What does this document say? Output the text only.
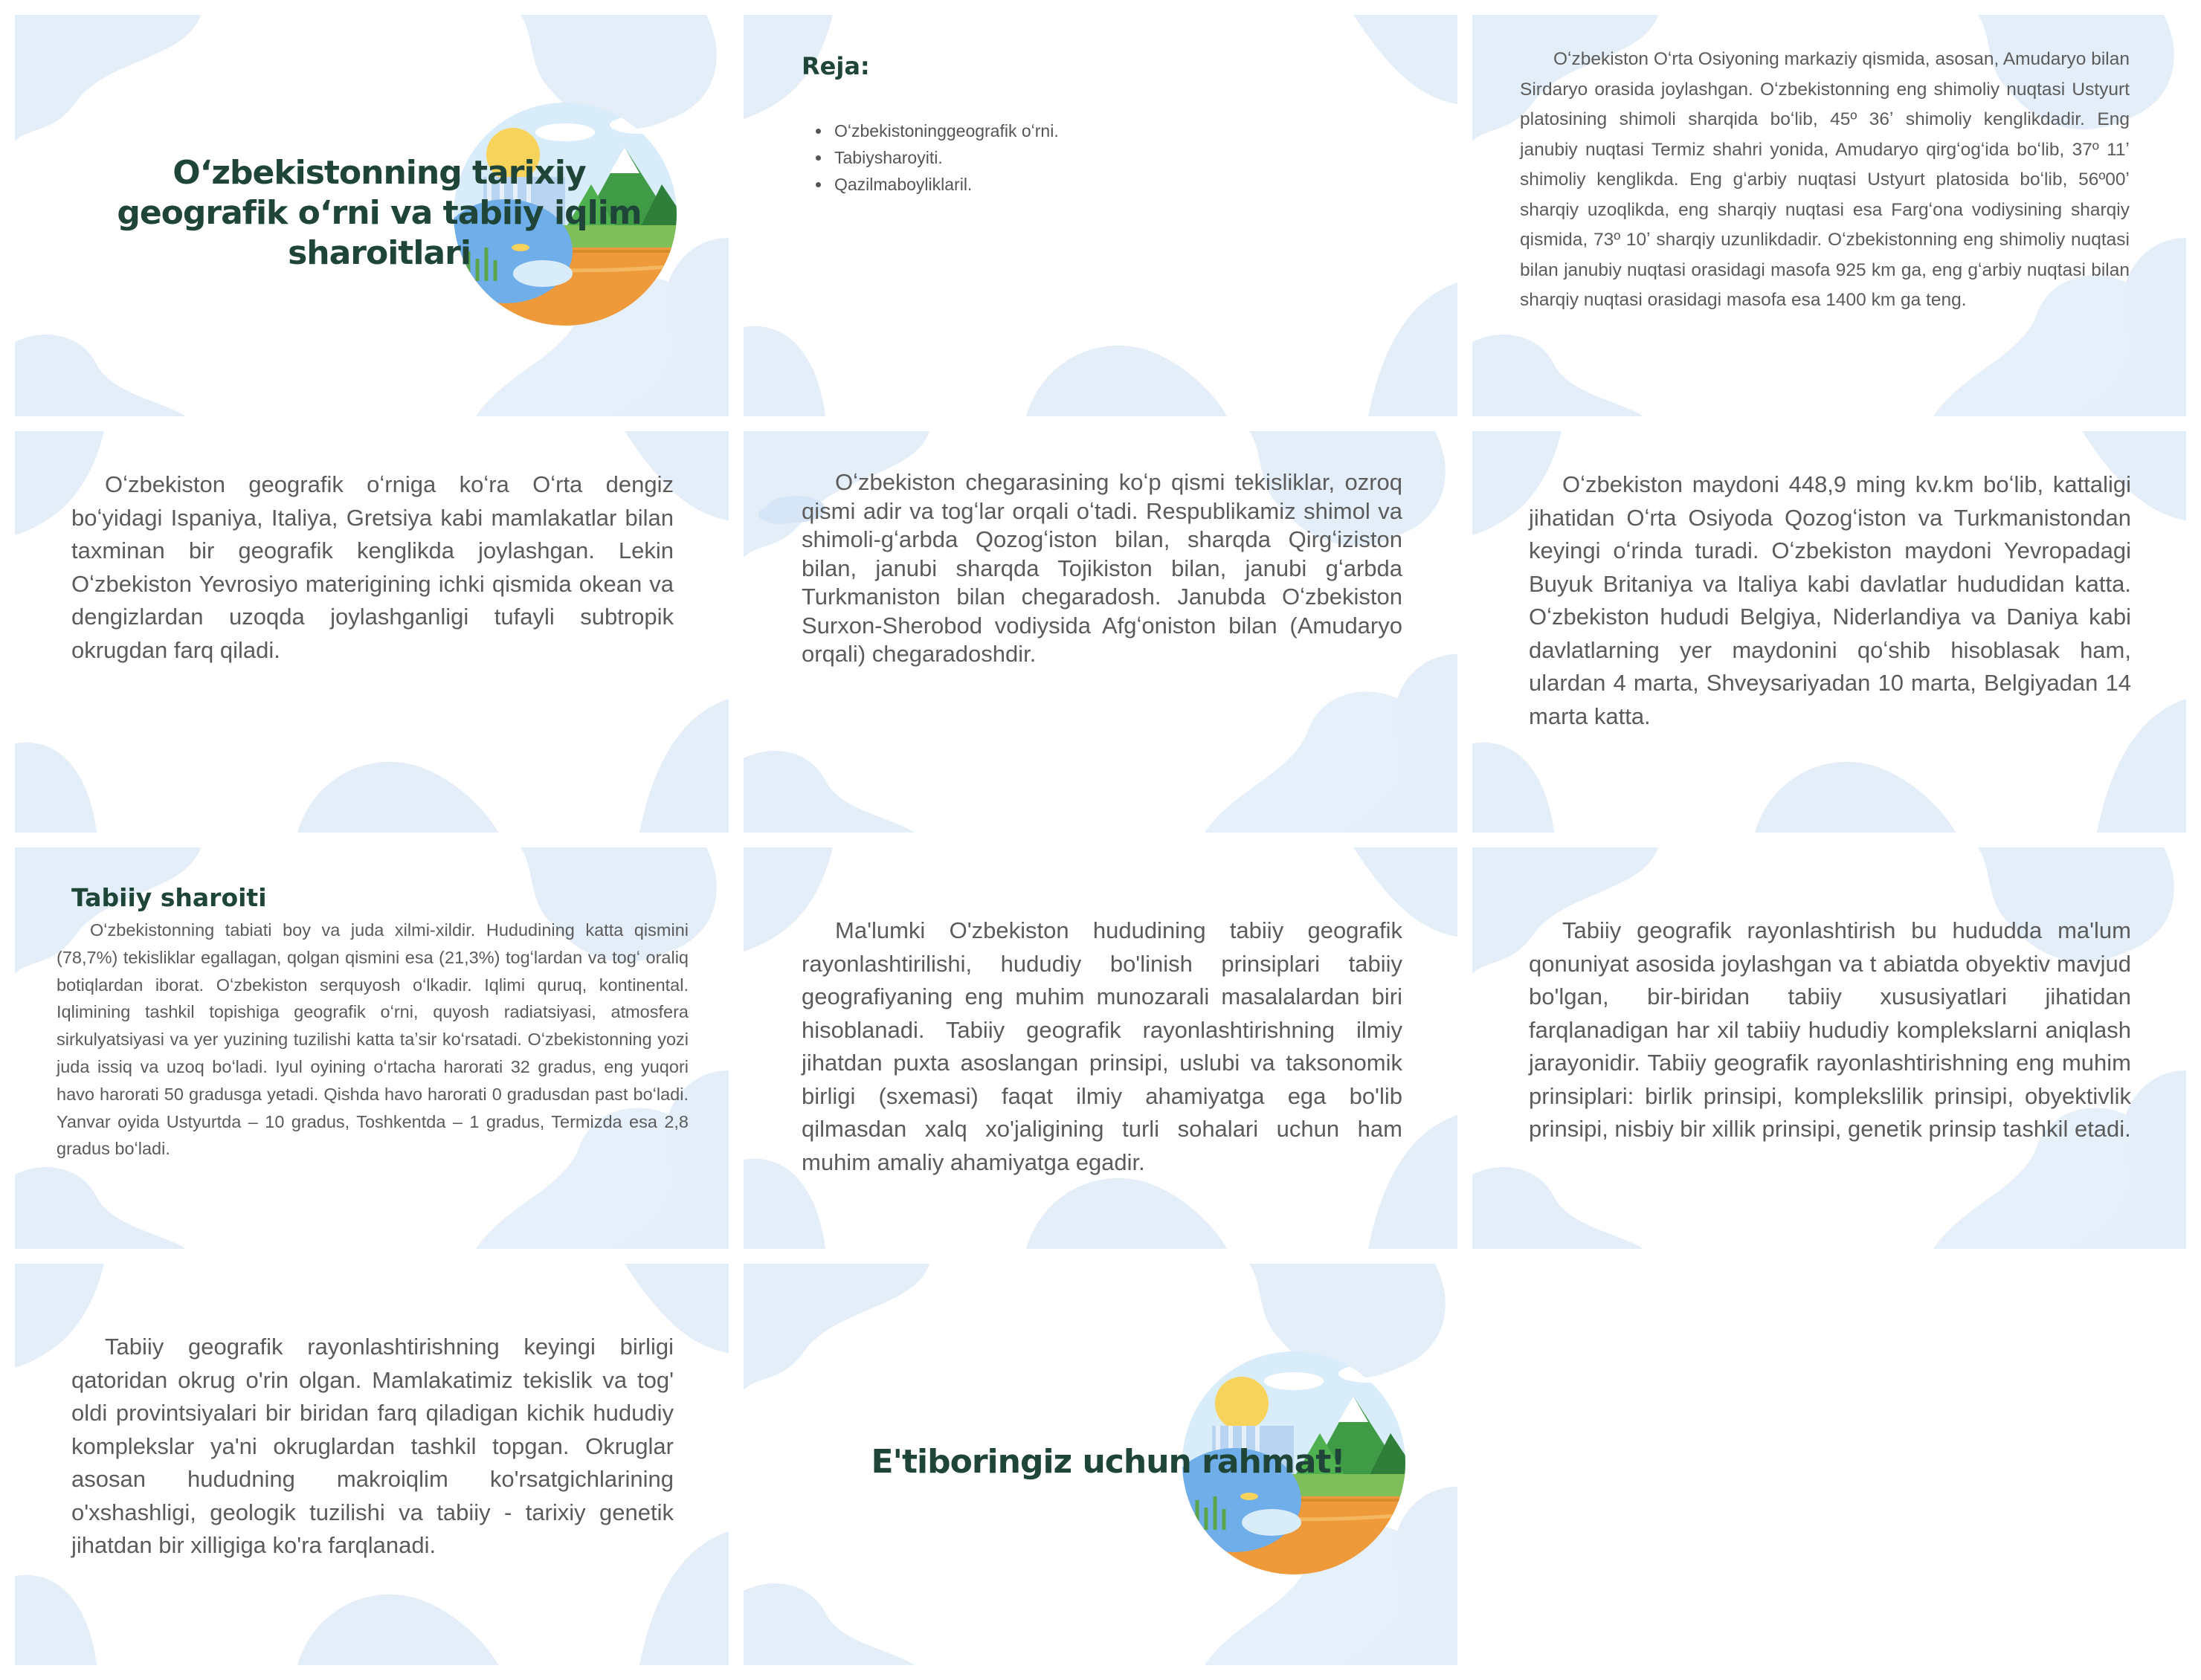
Oʻzbekistonning tarixiy geografik oʻrni va tabiiy iqlim sharoitlari
Reja:
• Oʻzbekistoninggeografik oʻrni.
• Tabiysharoyiti.
• Qazilmaboyliklaril.

Oʻzbekiston Oʻrta Osiyoning markaziy qismida, asosan, Amudaryo bilan Sirdaryo orasida joylashgan. Oʻzbekistonning eng shimoliy nuqtasi Ustyurt platosining shimoli sharqida boʻlib, 45º 36ʼ shimoliy kenglikdadir. Eng janubiy nuqtasi Termiz shahri yonida, Amudaryo qirgʻogʻida boʻlib, 37º 11ʼ shimoliy kenglikda. Eng gʻarbiy nuqtasi Ustyurt platosida boʻlib, 56º00ʼ sharqiy uzoqlikda, eng sharqiy nuqtasi esa Fargʻona vodiysining sharqiy qismida, 73º 10ʼ sharqiy uzunlikdadir. Oʻzbekistonning eng shimoliy nuqtasi bilan janubiy nuqtasi orasidagi masofa 925 km ga, eng gʻarbiy nuqtasi bilan sharqiy nuqtasi orasidagi masofa esa 1400 km ga teng.

Oʻzbekiston geografik oʻrniga koʻra Oʻrta dengiz boʻyidagi Ispaniya, Italiya, Gretsiya kabi mamlakatlar bilan taxminan bir geografik kenglikda joylashgan. Lekin Oʻzbekiston Yevrosiyo materigining ichki qismida okean va dengizlardan uzoqda joylashganligi tufayli subtropik okrugdan farq qiladi.

Oʻzbekiston chegarasining koʻp qismi tekisliklar, ozroq qismi adir va togʻlar orqali oʻtadi. Respublikamiz shimol va shimoli-gʻarbda Qozogʻiston bilan, sharqda Qirgʻiziston bilan, janubi sharqda Tojikiston bilan, janubi gʻarbda Turkmaniston bilan chegaradosh. Janubda Oʻzbekiston Surxon-Sherobod vodiysida Afgʻoniston bilan (Amudaryo orqali) chegaradoshdir.

Oʻzbekiston maydoni 448,9 ming kv.km boʻlib, kattaligi jihatidan Oʻrta Osiyoda Qozogʻiston va Turkmanistondan keyingi oʻrinda turadi. Oʻzbekiston maydoni Yevropadagi Buyuk Britaniya va Italiya kabi davlatlar hududidan katta. Oʻzbekiston hududi Belgiya, Niderlandiya va Daniya kabi davlatlarning yer maydonini qoʻshib hisoblasak ham, ulardan 4 marta, Shveysariyadan 10 marta, Belgiyadan 14 marta katta.

Tabiiy sharoiti

Oʻzbekistonning tabiati boy va juda xilmi-xildir. Hududining katta qismini (78,7%) tekisliklar egallagan, qolgan qismini esa (21,3%) togʻlardan va togʻ oraliq botiqlardan iborat. Oʻzbekiston serquyosh oʻlkadir. Iqlimi quruq, kontinental. Iqlimining tashkil topishiga geografik oʻrni, quyosh radiatsiyasi, atmosfera sirkulyatsiyasi va yer yuzining tuzilishi katta taʼsir koʻrsatadi. Oʻzbekistonning yozi juda issiq va uzoq boʻladi. Iyul oyining oʻrtacha harorati 32 gradus, eng yuqori havo harorati 50 gradusga yetadi. Qishda havo harorati 0 gradusdan past boʻladi. Yanvar oyida Ustyurtda – 10 gradus, Toshkentda – 1 gradus, Termizda esa 2,8 gradus boʻladi.

Ma'lumki O'zbekiston hududining tabiiy geografik rayonlashtirilishi, hududiy bo'linish prinsiplari tabiiy geografiyaning eng muhim munozarali masalalardan biri hisoblanadi. Tabiiy geografik rayonlashtirishning ilmiy jihatdan puxta asoslangan prinsipi, uslubi va taksonomik birligi (sxemasi) faqat ilmiy ahamiyatga ega bo'lib qilmasdan xalq xo'jaligining turli sohalari uchun ham muhim amaliy ahamiyatga egadir.

Tabiiy geografik rayonlashtirish bu hududda ma'lum qonuniyat asosida joylashgan va t abiatda obyektiv mavjud bo'lgan, bir-biridan tabiiy xususiyatlari jihatidan farqlanadigan har xil tabiiy hududiy komplekslarni aniqlash jarayonidir. Tabiiy geografik rayonlashtirishning eng muhim prinsiplari: birlik prinsipi, komplekslilik prinsipi, obyektivlik prinsipi, nisbiy bir xillik prinsipi, genetik prinsip tashkil etadi.

Tabiiy geografik rayonlashtirishning keyingi birligi qatoridan okrug o'rin olgan. Mamlakatimiz tekislik va tog' oldi provintsiyalari bir biridan farq qiladigan kichik hududiy komplekslar ya'ni okruglardan tashkil topgan. Okruglar asosan hududning makroiqlim ko'rsatgichlarining o'xshashligi, geologik tuzilishi va tabiiy - tarixiy genetik jihatdan bir xilligiga ko'ra farqlanadi.

E'tiboringiz uchun rahmat!
